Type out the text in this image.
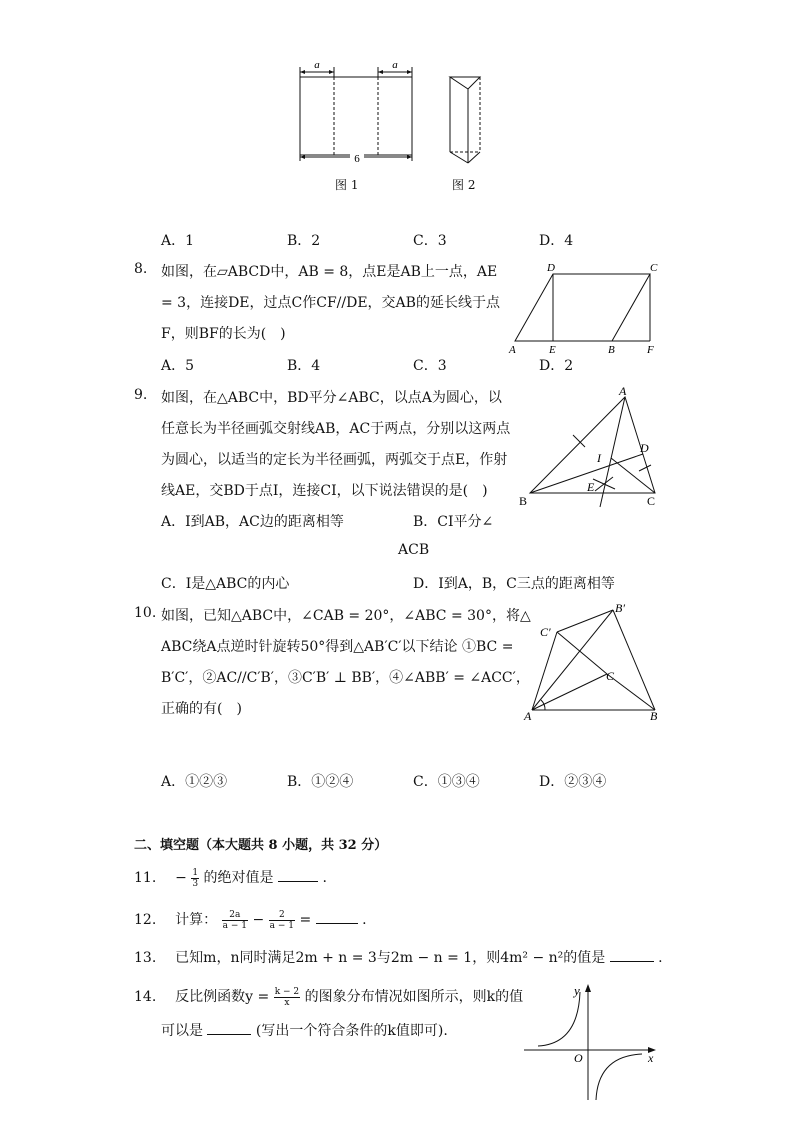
a	a
6
图 1	图 2
A．1	B．2	C．3	D．4
8. 如图，在▱ABCD中，AB = 8，点E是AB上一点，AE
= 3，连接DE，过点C作CF//DE，交AB的延长线于点
F，则BF的长为(　)
A．5	B．4	C．3	D．2
D	C
A	E	B	F
9. 如图，在△ABC中，BD平分∠ABC，以点A为圆心，以
任意长为半径画弧交射线AB，AC于两点，分别以这两点
为圆心，以适当的定长为半径画弧，两弧交于点E，作射
线AE，交BD于点I，连接CI，以下说法错误的是(　)
A．I到AB，AC边的距离相等	B．CI平分∠
ACB
C．I是△ABC的内心	D．I到A，B，C三点的距离相等
A
D
I
E
B	C
10. 如图，已知△ABC中，∠CAB = 20°，∠ABC = 30°，将△
ABC绕A点逆时针旋转50°得到△AB′C′以下结论 ①BC =
B′C′，②AC//C′B′，③C′B′ ⊥ BB′，④∠ABB′ = ∠ACC′，
正确的有(　)
A．①②③	B．①②④	C．①③④	D．②③④
B′
C′
C
A	B
二、填空题（本大题共 8 小题，共 32 分）
11. − $\frac{1}{3}$ 的绝对值是	.
12. 计算： $\frac{2a}{a - 1} - \frac{2}{a - 1}$ =	.
13. 已知m，n同时满足2m + n = 3与2m − n = 1，则4m² − n²的值是	.
14. 反比例函数$y = \frac{k - 2}{x}$ 的图象分布情况如图所示，则k的值
可以是	(写出一个符合条件的k值即可).
y
O	x
